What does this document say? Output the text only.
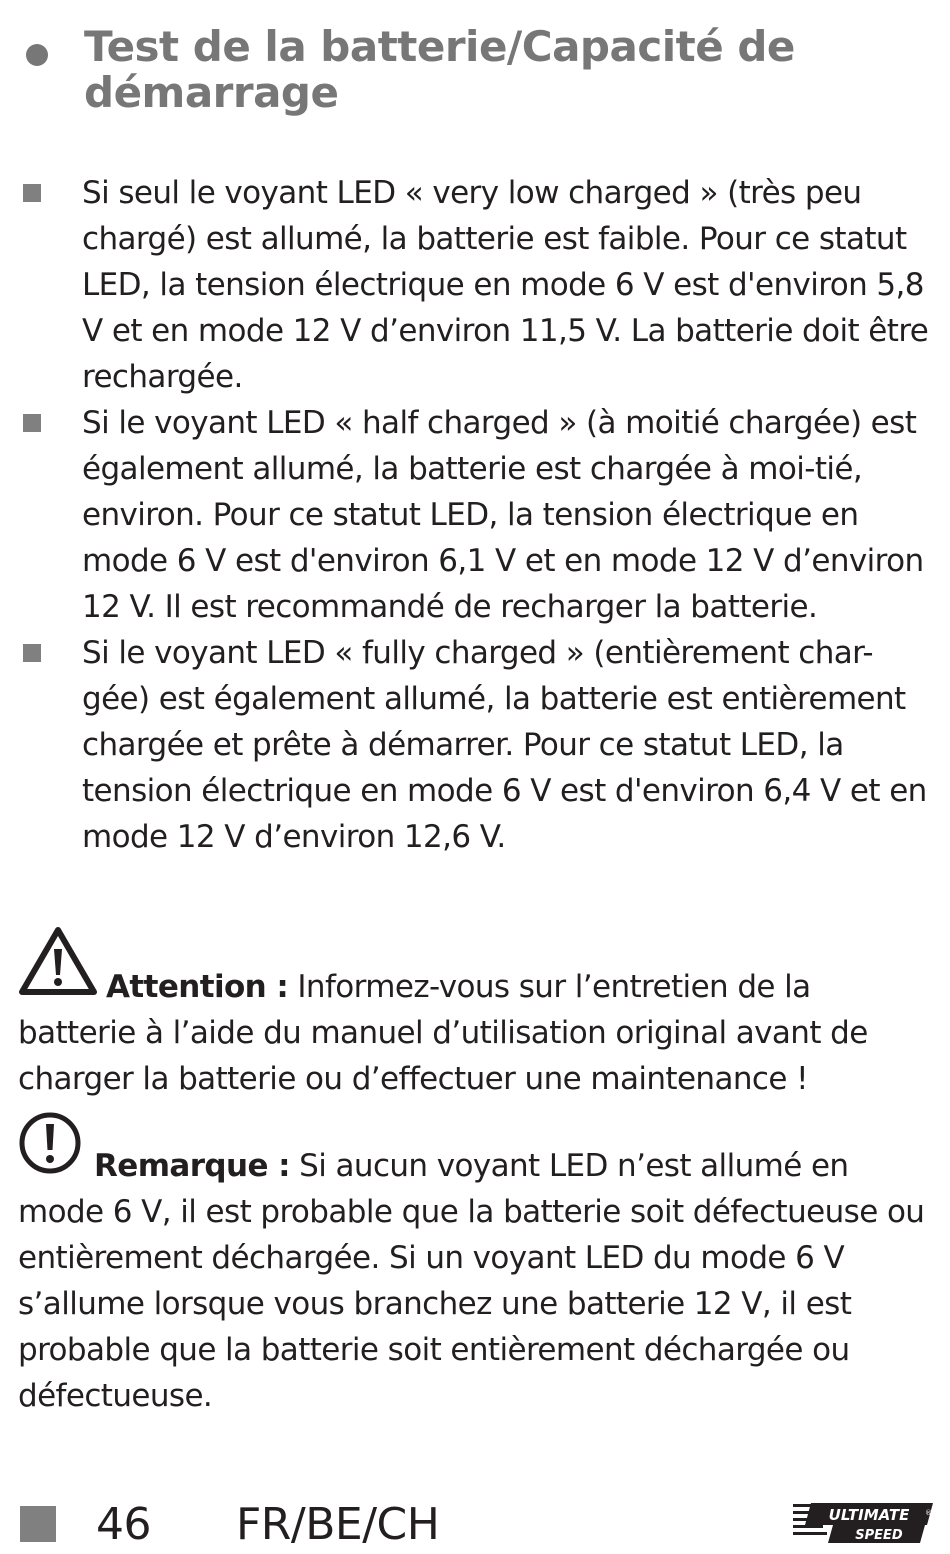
Test de la batterie/Capacité de démarrage
Si seul le voyant LED « very low charged » (très peu chargé) est allumé, la batterie est faible. Pour ce statut LED, la tension électrique en mode 6 V est d'environ 5,8 V et en mode 12 V d’environ 11,5 V. La batterie doit être rechargée.
Si le voyant LED « half charged » (à moitié chargée) est également allumé, la batterie est chargée à moi-tié, environ. Pour ce statut LED, la tension électrique en mode 6 V est d'environ 6,1 V et en mode 12 V d’environ 12 V. Il est recommandé de recharger la batterie.
Si le voyant LED « fully charged » (entièrement char-gée) est également allumé, la batterie est entièrement chargée et prête à démarrer. Pour ce statut LED, la tension électrique en mode 6 V est d'environ 6,4 V et en mode 12 V d’environ 12,6 V.
Attention : Informez-vous sur l’entretien de la batterie à l’aide du manuel d’utilisation original avant de charger la batterie ou d’effectuer une maintenance !
Remarque : Si aucun voyant LED n’est allumé en mode 6 V, il est probable que la batterie soit défectueuse ou entièrement déchargée. Si un voyant LED du mode 6 V s’allume lorsque vous branchez une batterie 12 V, il est probable que la batterie soit entièrement déchargée ou défectueuse.
46 FR/BE/CH	ULTIMATE
SPEED
®
